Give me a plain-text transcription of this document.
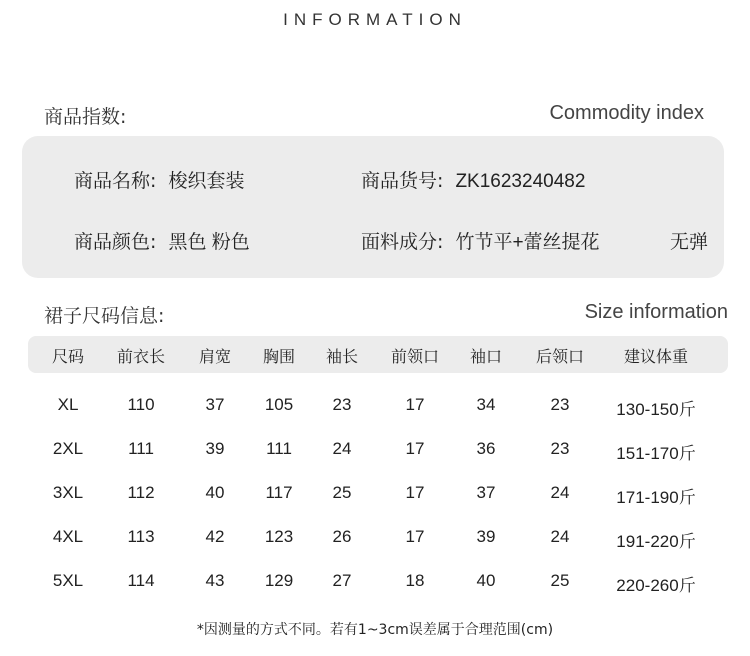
INFORMATION
商品指数:	Commodity index
商品名称: 梭织套装	商品货号: ZK1623240482
商品颜色: 黑色 粉色	面料成分: 竹节平+蕾丝提花	无弹
裙子尺码信息:	Size information
尺码 前衣长 肩宽 胸围 袖长 前领口 袖口 后领口 建议体重
XL	110	37 105 23	17	34	23	130-150斤
2XL	111	39 111 24	17	36	23	151-170斤
3XL	112	40 117 25	17	37	24	171-190斤
4XL	113	42 123 26	17	39	24	191-220斤
5XL	114	43 129 27	18	40	25	220-260斤
*因测量的方式不同。若有1~3cm误差属于合理范围(cm)
